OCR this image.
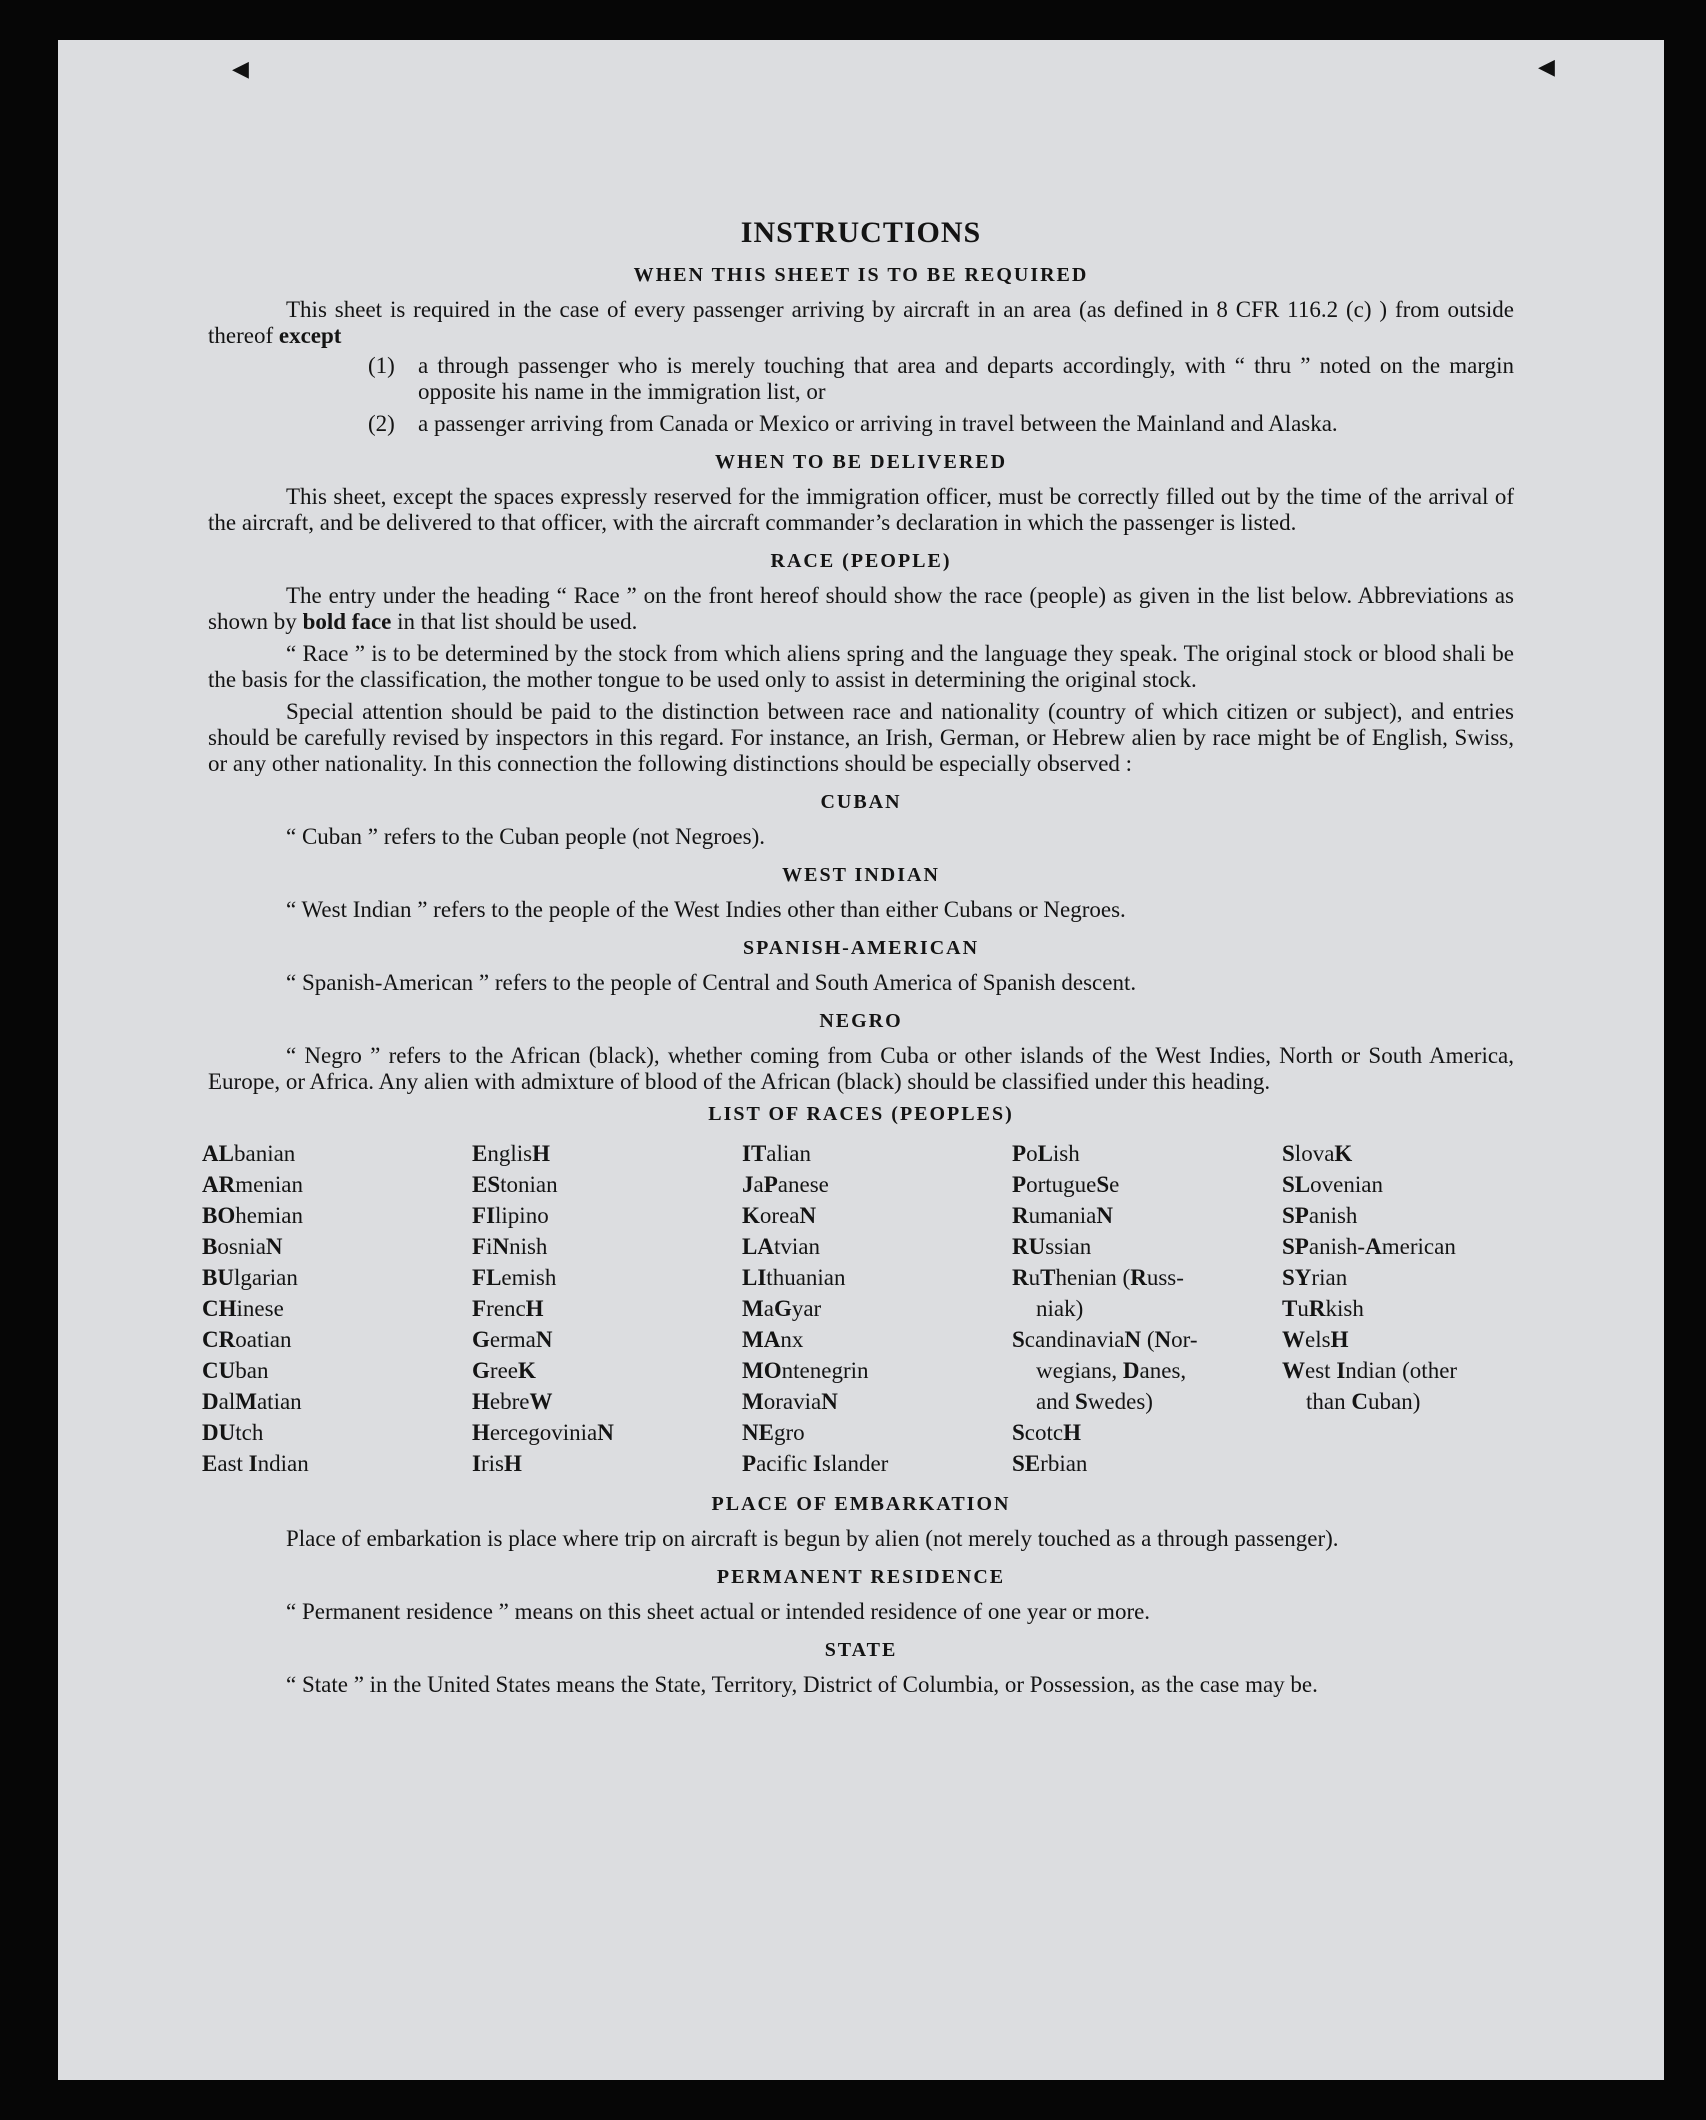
◀	◀
INSTRUCTIONS
WHEN THIS SHEET IS TO BE REQUIRED

This sheet is required in the case of every passenger arriving by aircraft in an area (as defined in 8 CFR 116.2 (c) ) from outside thereof except

(1)	a through passenger who is merely touching that area and departs accordingly, with “ thru ” noted on the margin opposite his name in the immigration list, or
(2)	a passenger arriving from Canada or Mexico or arriving in travel between the Mainland and Alaska.
WHEN TO BE DELIVERED

This sheet, except the spaces expressly reserved for the immigration officer, must be correctly filled out by the time of the arrival of the aircraft, and be delivered to that officer, with the aircraft commander’s declaration in which the passenger is listed.

RACE (PEOPLE)

The entry under the heading “ Race ” on the front hereof should show the race (people) as given in the list below. Abbreviations as shown by bold face in that list should be used.

“ Race ” is to be determined by the stock from which aliens spring and the language they speak. The original stock or blood shali be the basis for the classification, the mother tongue to be used only to assist in determining the original stock.

Special attention should be paid to the distinction between race and nationality (country of which citizen or subject), and entries should be carefully revised by inspectors in this regard. For instance, an Irish, German, or Hebrew alien by race might be of English, Swiss, or any other nationality. In this connection the following distinctions should be especially observed :

CUBAN

“ Cuban ” refers to the Cuban people (not Negroes).

WEST INDIAN

“ West Indian ” refers to the people of the West Indies other than either Cubans or Negroes.

SPANISH-AMERICAN

“ Spanish-American ” refers to the people of Central and South America of Spanish descent.

NEGRO

“ Negro ” refers to the African (black), whether coming from Cuba or other islands of the West Indies, North or South America, Europe, or Africa. Any alien with admixture of blood of the African (black) should be classified under this heading.

LIST OF RACES (PEOPLES)
ALbanian
ARmenian
BOhemian
BosniaN
BUlgarian
CHinese
CRoatian
CUban
DalMatian
DUtch
East Indian
EnglisH
EStonian
FIlipino
FiNnish
FLemish
FrencH
GermaN
GreeK
HebreW
HercegoviniaN
IrisH
ITalian
JaPanese
KoreaN
LAtvian
LIthuanian
MaGyar
MAnx
MOntenegrin
MoraviaN
NEgro
Pacific Islander
PoLish
PortugueSe
RumaniaN
RUssian
RuThenian (Russ-
niak)
ScandinaviaN (Nor-
wegians, Danes,
and Swedes)
ScotcH
SErbian
SlovaK
SLovenian
SPanish
SPanish-American
SYrian
TuRkish
WelsH
West Indian (other
than Cuban)
PLACE OF EMBARKATION

Place of embarkation is place where trip on aircraft is begun by alien (not merely touched as a through passenger).

PERMANENT RESIDENCE

“ Permanent residence ” means on this sheet actual or intended residence of one year or more.

STATE

“ State ” in the United States means the State, Territory, District of Columbia, or Possession, as the case may be.
